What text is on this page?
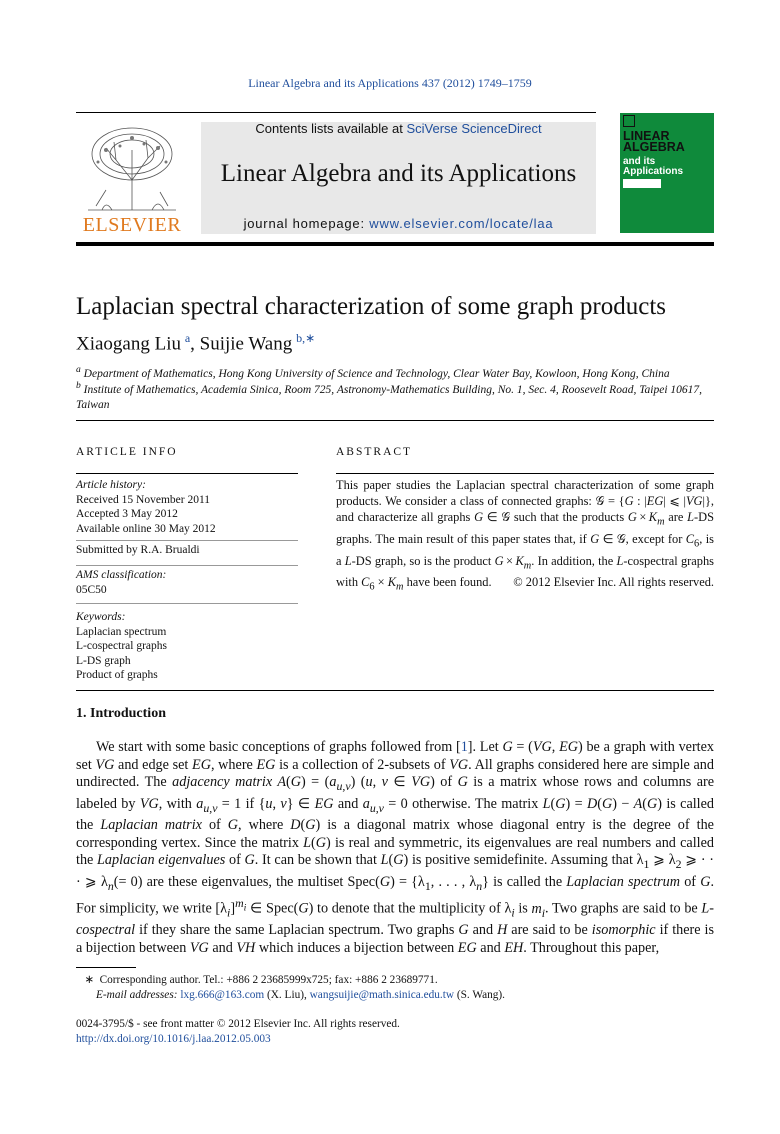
Linear Algebra and its Applications 437 (2012) 1749–1759
ELSEVIER
Contents lists available at SciVerse ScienceDirect
Linear Algebra and its Applications
journal homepage: www.elsevier.com/locate/laa
LINEAR ALGEBRA
and its Applications
Laplacian spectral characterization of some graph products
Xiaogang Liu  $^a$, Suijie Wang  $^{b,∗}$
$^a$ Department of Mathematics, Hong Kong University of Science and Technology, Clear Water Bay, Kowloon, Hong Kong, China
$^b$ Institute of Mathematics, Academia Sinica, Room 725, Astronomy-Mathematics Building, No. 1, Sec. 4, Roosevelt Road, Taipei 10617, Taiwan
ARTICLE INFO	ABSTRACT
Article history:
Received 15 November 2011
Accepted 3 May 2012
Available online 30 May 2012
Submitted by R.A. Brualdi
AMS classification:
05C50
Keywords:
Laplacian spectrum
L-cospectral graphs
L-DS graph
Product of graphs
This paper studies the Laplacian spectral characterization of some graph products. We consider a class of connected graphs: 𝒢 = {G : |EG| ⩽ |VG|}, and characterize all graphs G ∈ 𝒢 such that the products $G \times K_m$ are L-DS graphs. The main result of this paper states that, if G ∈ 𝒢, except for $C_6$, is a L-DS graph, so is the product $G \times K_m$. In addition, the L-cospectral graphs with $C_6 \times K_m$ have been found.	© 2012 Elsevier Inc. All rights reserved.
1. Introduction

We start with some basic conceptions of graphs followed from [1]. Let G = (VG, EG) be a graph with vertex set VG and edge set EG, where EG is a collection of 2-subsets of VG. All graphs considered here are simple and undirected. The adjacency matrix $A(G) = (a_{u,v})$ (u, v ∈ VG) of G is a matrix whose rows and columns are labeled by VG, with $a_{u,v} = 1$ if {u, v} ∈ EG and $a_{u,v} = 0$ otherwise. The matrix L(G) = D(G) − A(G) is called the Laplacian matrix of G, where D(G) is a diagonal matrix whose diagonal entry is the degree of the corresponding vertex. Since the matrix L(G) is real and symmetric, its eigenvalues are real numbers and called the Laplacian eigenvalues of G. It can be shown that L(G) is positive semidefinite. Assuming that $\lambda_1$ ⩾ $\lambda_2$ ⩾ · · · ⩾ $\lambda_n(= 0)$ are these eigenvalues, the multiset Spec(G) = {$\lambda_1$, . . . , $\lambda_n$} is called the Laplacian spectrum of G. For simplicity, we write $[\lambda_i]^{m_i}$ ∈ Spec(G) to denote that the multiplicity of $\lambda_i$ is $m_i$. Two graphs are said to be L-cospectral if they share the same Laplacian spectrum. Two graphs G and H are said to be isomorphic if there is a bijection between VG and VH which induces a bijection between EG and EH. Throughout this paper,

∗ Corresponding author. Tel.: +886 2 23685999x725; fax: +886 2 23689771.
E-mail addresses: lxg.666@163.com (X. Liu), wangsuijie@math.sinica.edu.tw (S. Wang).
0024-3795/$ - see front matter © 2012 Elsevier Inc. All rights reserved.
http://dx.doi.org/10.1016/j.laa.2012.05.003
